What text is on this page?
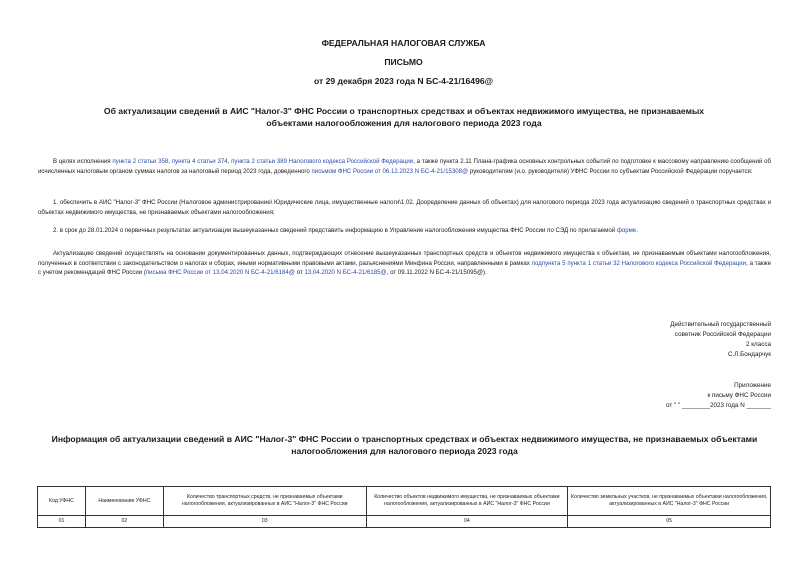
ФЕДЕРАЛЬНАЯ НАЛОГОВАЯ СЛУЖБА
ПИСЬМО
от 29 декабря 2023 года N БС-4-21/16496@
Об актуализации сведений в АИС "Налог-3" ФНС России о транспортных средствах и объектах недвижимого имущества, не признаваемых объектами налогообложения для налогового периода 2023 года
В целях исполнения пункта 2 статьи 358, пункта 4 статьи 374, пункта 2 статьи 389 Налогового кодекса Российской Федерации, а также пункта 2.11 Плана-графика основных контрольных событий по подготовке к массовому направлению сообщений об исчисленных налоговым органом суммах налогов за налоговый период 2023 года, доведенного письмом ФНС России от 06.12.2023 N БС-4-21/15308@ руководителям (и.о. руководителя) УФНС России по субъектам Российской Федерации поручается:
1. обеспечить в АИС "Налог-3" ФНС России (Налоговое администрирование\ Юридические лица, имущественные налоги\1.02. Дооределение данных об объектах) для налогового периода 2023 года актуализацию сведений о транспортных средствах и объектах недвижимого имущества, не признаваемых объектами налогообложения;
2. в срок до 28.01.2024 о первичных результатах актуализации вышеуказанных сведений представить информацию в Управление налогообложения имущества ФНС России по СЭД по прилагаемой форме.
Актуализацию сведений осуществлять на основании документированных данных, подтверждающих отнесение вышеуказанных транспортных средств и объектов недвижимого имущества к объектам, не признаваемым объектами налогообложения, полученных в соответствии с законодательством о налогах и сборах, иными нормативными правовыми актами, разъяснениями Минфина России, направленными в рамках подпункта 5 пункта 1 статьи 32 Налогового кодекса Российской Федерации, а также с учетом рекомендаций ФНС России (письма ФНС России от 13.04.2020 N БС-4-21/6184@ от 13.04.2020 N БС-4-21/6185@, от 09.11.2022 N БС-4-21/15095@).
Действительный государственный
советник Российской Федерации
2 класса
С.Л.Бондарчук
Приложение
к письму ФНС России
от " " ________2023 года N _______
Информация об актуализации сведений в АИС "Налог-3" ФНС России о транспортных средствах и объектах недвижимого имущества, не признаваемых объектами налогообложения для налогового периода 2023 года
Код УФНС	Наименование УФНС	Количество транспортных средств, не признаваемых объектами налогообложения, актуализированных в АИС "Налог-3" ФНС России	Количество объектов недвижимого имущества, не признаваемых объектами налогообложения, актуализированных в АИС "Налог-3" ФНС России	Количество земельных участков, не признаваемых объектами налогообложения, актуализированных в АИС "Налог-3" ФНС России
01	02	03	04	05
